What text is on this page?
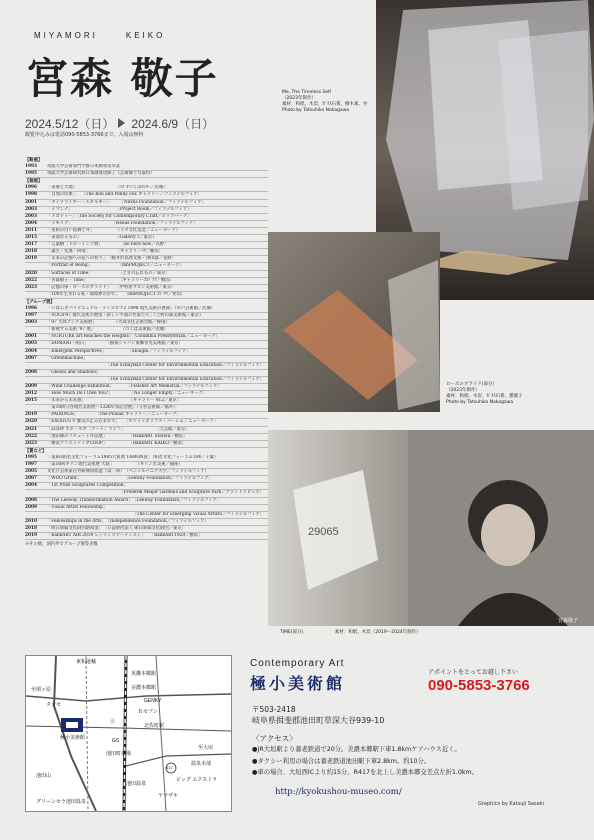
MIYAMORI	KEIKO
宮森 敬子
2024.5/12（日） 2024.6/9（日）
観覧申込みは電話090-5853-3766まで。入場は無料
【略歴】
1993	筑波大学芸術専門学群日本画専攻卒業
1995	筑波大学芸術研究科日本画専攻修了（芸術修士号取得）
【個展】
1996	「表層と大地」　　　　　　　　　　（ｽｽﾞｷつくばｾﾝﾀｰ／茨城）
1998	「自然の印象」　　〔The Bob and Penny Fox ギャラリー／フィラデルフィア〕
2001	「タイプライター・エネルギー」　　　〔Nexus Foundation／フィラデルフィア〕
2003	「イマジナ」　　　　　　　　　　　〔Project Room／フィラデルフィア〕
2003	「メロディー」〔The Society for Contemporary Craft／ピッツバーグ〕
2004	「メモリア」　　　　　　　　　　〔Nexus Foundation／フィラデルフィア〕
2011	「星祖の白い島舞と井」　　　　　　（イセ文化基金／ニューヨーク）
2015	「表面なるもの」　　　　　　　　　（Gallery ｽ／東京）
2017	「言葉樹〔ドローイング展〕　　　　　〔ho here now／長野〕
2018	「誕生・変異・回帰」　　　　　　　〔ギャラリーｿﾜ／横浜〕
2019	「未来の記憶への花への祈り」　〔軽井沢高原文庫・津田邸／長野〕
「Portrait of Being」　　　　　　　〔mhPROJECT／ニューヨーク〕
2020	「Surfaces of Time」　　　　　　　〔ときの忘れもの／東京〕
2022	「宮森敬子・Time」　　　　　　　　〔ギャラリーｺｴﾄﾞﾅﾘ／横浜〕
2023	「記憶の扉・ローズのブライド」　　〔中村屋サロン美術館／東京〕
「100年生まれる私・環境界のかで」　　〔mhPROJECT ｺｼﾞﾏﾘ／愛知〕
【グループ展】
1996	「いばらきバイアニュアル・ディプロマ2 1998 現代美術の展開」（水戸芸術館／茨城）
1997	「VOCA'97 現代美術の展望・新しい平面の作家たち」（上野の森美術館／東京）
2003	「97 大邱アジア美術展」　　　　　（大邱文化芸術会館／韓国）
「新視する美術 '97 展」　　　　　　　（つくば美術館／茨城）
2001	「NURTURE art Reaches the Heights」〔Columbia Presbyterian／ニューヨーク〕
2003	「DOMANI・明日」　　　　　〔損保ジャパン東郷青児美術館／東京〕
2004	「Emergent Perspectives」　　　　　　〔Sloughi／フィラデルフィア〕
2007	「Greenmachine」
〔The Schuylkill Center for Environmental Education／フィラデルフィア〕
2008	「Ghosts and Shadows」
〔The Schuylkill Center for Environmental Education／フィラデルフィア〕
2009	「Wind Challenge Exhibition」　　　　〔Fleisher Art Memorial／フィラデルフィア〕
2012	「How Much Do I Owe You?」　　　　　〔No Longer Empty／ニューヨーク〕
2015	「未来から未来想」　　　　　　　　　　　〔ギャラリー 412／東京〕
「第10回守谷現代美術展－1326年祭記念展」（守谷芸術館／福井）
2019	「PAIRINGS」　　　　　〔The Pluxall ギャラリー／ニューヨーク〕
2020	「EXODUS Ⅴ 歴史の止み込まれで」　　〔ホワイトボックス・ハーレム／ニューヨーク〕
2021	「LOOP ホホ・ホガ〔アート〕ライフ」　　　　　　　　〔立芸館／東京〕
2022	「池田修のリビュート作品展」　　　　　　〔BankART Station／横浜〕
2023	「横浜クリエイティブCOOP」　　　　　　〔BankART KAIKO／横浜〕
【賞など】
1995	「第6回的若文化フォーラム1995大賞展 TAMON賞」（柏若文化フォーラム104／千葉）
1997	「第16回キリン現代美術展 大賞」　　　　　　（キリン若美術／銀座）
2005	文化庁芸術家在外研修員派遣（第一回）　（ペンシルバニア大学／フィラデルフィア）
2007	「WOO Grant」　　　　　　　　　　　〔Leeway Foundation／フィラデルフィア〕
2004	「1st Prize Sculptures Competition」
〔Frederik Meijer Gardens and Sculpture Park／グランドラピッズ〕
2008	「The Leeway Transformation Award」　〔Leeway Foundation／フィラデルフィア〕
2009	「Visual Artist Fellowship」
〔The Center for Emerging Visual Artists／フィラデルフィア〕
2010	「Fellowships in the Arts」　〔Independence Foundation／フィラデルフィア〕
2018	「明日新聞文化財団助成金」　〔公益財団法人 朝日新聞文化財団／東京〕
2019	「BankART AIR 2019 レジデンスアーティスト」　　〔BankART1929／横浜〕
※その他、国内外でグループ展等多数
29065
宮森敬子
Me, The Timeless Self
（2023年制作）
素材：和紙、木炭、ｶﾞﾗｽ石膏、樹木素、弁
Photo by Tatsuhiko Nakagawa
ローズのブライド(部分）
（2023年制作）
素材：和紙、木炭、ｶﾞﾗｽ石膏、薔薇子
Photo by Tatsuhiko Nakagawa
TIME(部分)	素材：和紙、木炭（2019～2024年制作）
東和運輸
英灘本郷駅
美濃本郷駅
GENKY
Ｒセブン
Ⓢ
極小美術館
北佐町駅
GS
池田町役場
池田温泉
池田山
グリーンセラ池田温泉
ヤマザキ
ビッグ エクストラ
温泉本部
至大垣
至関ヶ原
417
タカセ
Contemporary Art
極小美術館
アポイントをとってお越し下さい
090-5853-3766
〒503-2418
岐阜県揖斐郡池田町草深大谷939-10
〈アクセス〉
●JR大垣駅より養老鉄道で20分。美濃本郷駅下車1.8kmケアハウス近く。
●タクシー利用の場合は養老鉄道池田駅下車2.8km。約10分。
●車の場合、大垣西ICより約15分。R417を北上し美濃本郷交差点左折1.0km。
http://kyokushou-museo.com/
Graphics by Katsuji Sasaki
